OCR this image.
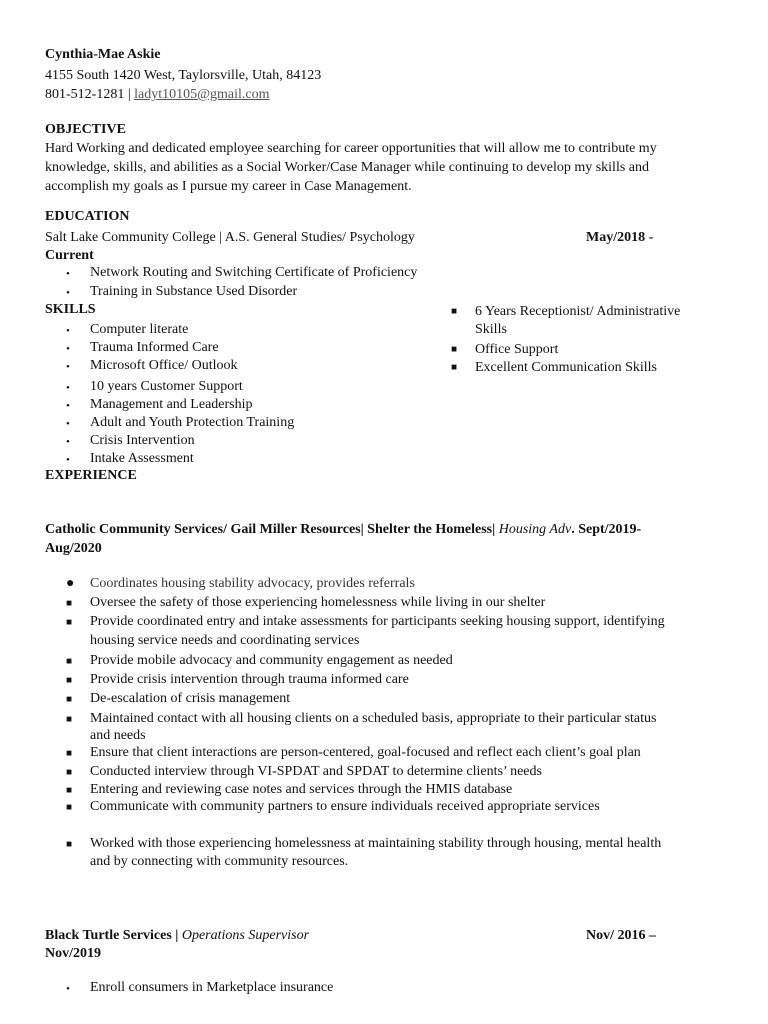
Cynthia-Mae Askie
4155 South 1420 West, Taylorsville, Utah, 84123
801-512-1281 | ladyt10105@gmail.com
OBJECTIVE
Hard Working and dedicated employee searching for career opportunities that will allow me to contribute my
knowledge, skills, and abilities as a Social Worker/Case Manager while continuing to develop my skills and
accomplish my goals as I pursue my career in Case Management.
EDUCATION
Salt Lake Community College | A.S. General Studies/ Psychology	May/2018 -
Current
• Network Routing and Switching Certificate of Proficiency
• Training in Substance Used Disorder
SKILLS
• Computer literate
• Trauma Informed Care
• Microsoft Office/ Outlook
• 10 years Customer Support
• Management and Leadership
• Adult and Youth Protection Training
• Crisis Intervention
• Intake Assessment
■ 6 Years Receptionist/ Administrative
Skills
■ Office Support
■ Excellent Communication Skills
EXPERIENCE
Catholic Community Services/ Gail Miller Resources| Shelter the Homeless| Housing Adv. Sept/2019-
Aug/2020
● Coordinates housing stability advocacy, provides referrals
■ Oversee the safety of those experiencing homelessness while living in our shelter
■ Provide coordinated entry and intake assessments for participants seeking housing support, identifying
housing service needs and coordinating services
■ Provide mobile advocacy and community engagement as needed
■ Provide crisis intervention through trauma informed care
■ De-escalation of crisis management
■ Maintained contact with all housing clients on a scheduled basis, appropriate to their particular status
and needs
■ Ensure that client interactions are person-centered, goal-focused and reflect each client’s goal plan
■ Conducted interview through VI-SPDAT and SPDAT to determine clients’ needs
■ Entering and reviewing case notes and services through the HMIS database
■ Communicate with community partners to ensure individuals received appropriate services
■ Worked with those experiencing homelessness at maintaining stability through housing, mental health
and by connecting with community resources.
Black Turtle Services | Operations Supervisor	Nov/ 2016 –
Nov/2019
• Enroll consumers in Marketplace insurance
